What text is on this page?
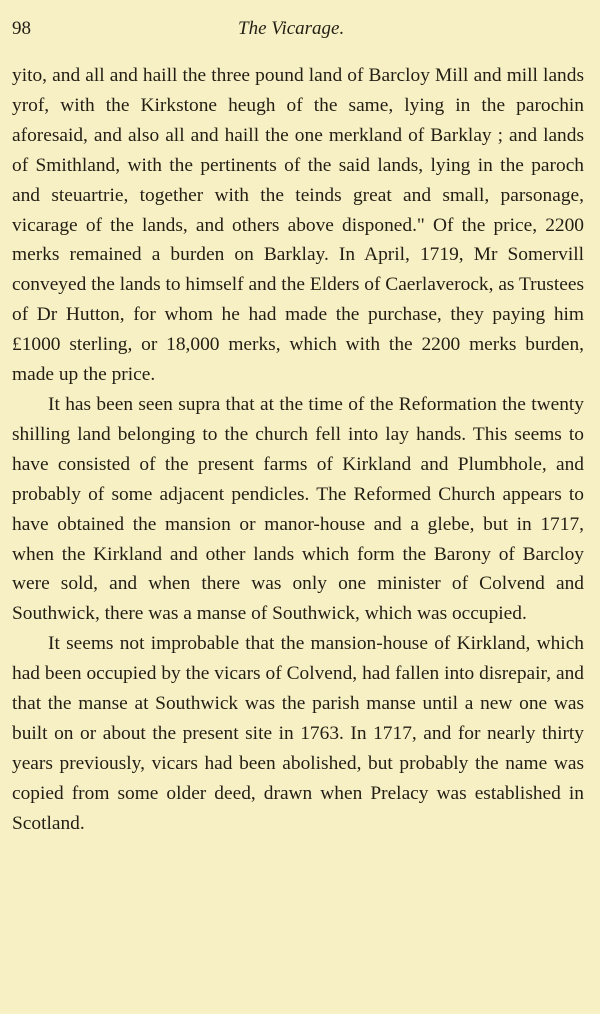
98	The Vicarage.

yito, and all and haill the three pound land of Barcloy Mill and mill lands yrof, with the Kirkstone heugh of the same, lying in the parochin aforesaid, and also all and haill the one merkland of Barklay ; and lands of Smithland, with the pertinents of the said lands, lying in the paroch and steuartrie, together with the teinds great and small, parsonage, vicarage of the lands, and others above disponed." Of the price, 2200 merks remained a burden on Barklay. In April, 1719, Mr Somervill conveyed the lands to himself and the Elders of Caerlaverock, as Trustees of Dr Hutton, for whom he had made the purchase, they paying him £1000 sterling, or 18,000 merks, which with the 2200 merks burden, made up the price.

It has been seen supra that at the time of the Reformation the twenty shilling land belonging to the church fell into lay hands. This seems to have consisted of the present farms of Kirkland and Plumbhole, and probably of some adjacent pendicles. The Reformed Church appears to have obtained the mansion or manor-house and a glebe, but in 1717, when the Kirkland and other lands which form the Barony of Barcloy were sold, and when there was only one minister of Colvend and Southwick, there was a manse of Southwick, which was occupied.

It seems not improbable that the mansion-house of Kirkland, which had been occupied by the vicars of Colvend, had fallen into disrepair, and that the manse at Southwick was the parish manse until a new one was built on or about the present site in 1763. In 1717, and for nearly thirty years previously, vicars had been abolished, but probably the name was copied from some older deed, drawn when Prelacy was established in Scotland.
